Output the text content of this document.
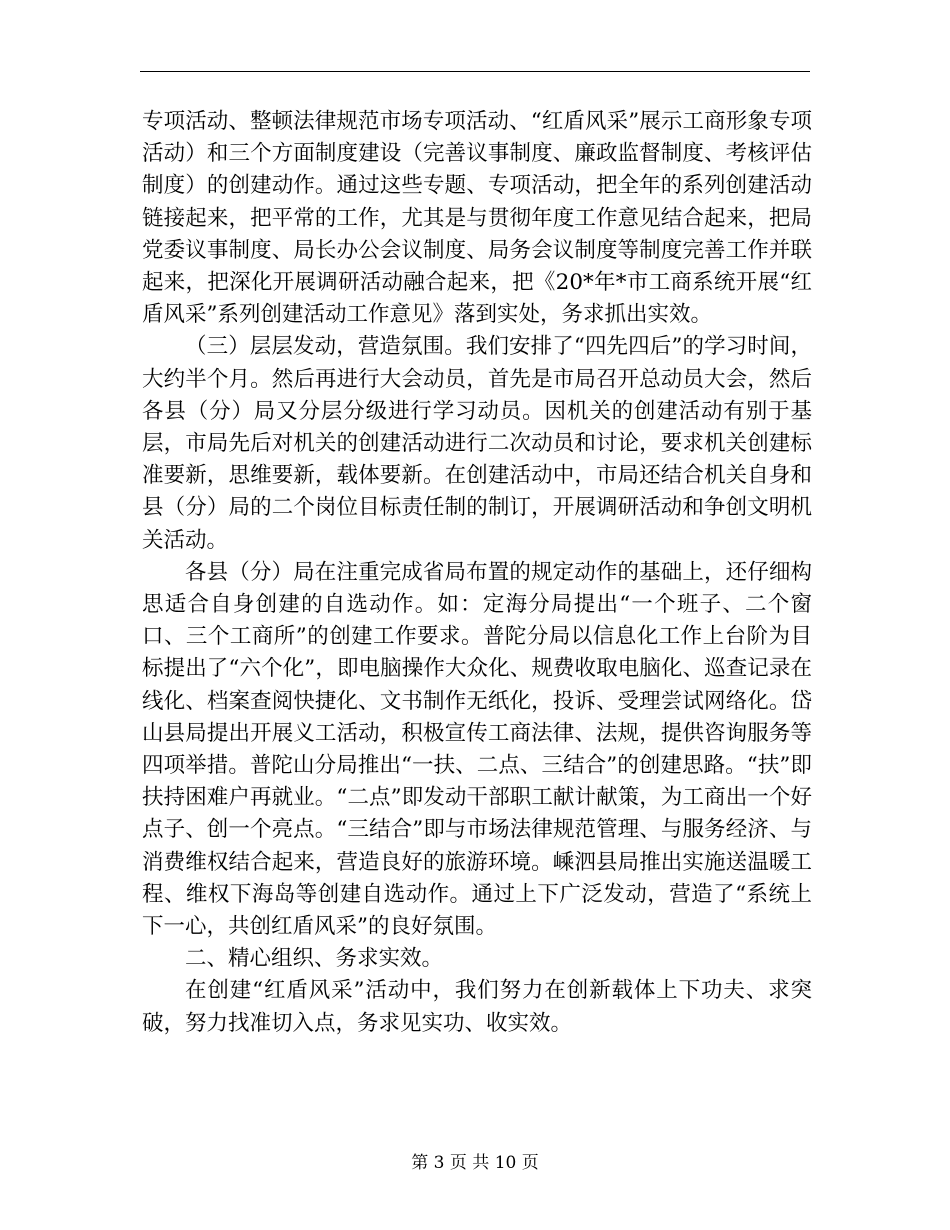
专项活动、整顿法律规范市场专项活动、“红盾风采”展示工商形象专项活动）和三个方面制度建设（完善议事制度、廉政监督制度、考核评估制度）的创建动作。通过这些专题、专项活动，把全年的系列创建活动链接起来，把平常的工作，尤其是与贯彻年度工作意见结合起来，把局党委议事制度、局长办公会议制度、局务会议制度等制度完善工作并联起来，把深化开展调研活动融合起来，把《20*年*市工商系统开展“红盾风采”系列创建活动工作意见》落到实处，务求抓出实效。

（三）层层发动，营造氛围。我们安排了“四先四后”的学习时间，大约半个月。然后再进行大会动员，首先是市局召开总动员大会，然后各县（分）局又分层分级进行学习动员。因机关的创建活动有别于基层，市局先后对机关的创建活动进行二次动员和讨论，要求机关创建标准要新，思维要新，载体要新。在创建活动中，市局还结合机关自身和县（分）局的二个岗位目标责任制的制订，开展调研活动和争创文明机关活动。

各县（分）局在注重完成省局布置的规定动作的基础上，还仔细构思适合自身创建的自选动作。如：定海分局提出“一个班子、二个窗口、三个工商所”的创建工作要求。普陀分局以信息化工作上台阶为目标提出了“六个化”，即电脑操作大众化、规费收取电脑化、巡查记录在线化、档案查阅快捷化、文书制作无纸化，投诉、受理尝试网络化。岱山县局提出开展义工活动，积极宣传工商法律、法规，提供咨询服务等四项举措。普陀山分局推出“一扶、二点、三结合”的创建思路。“扶”即扶持困难户再就业。“二点”即发动干部职工献计献策，为工商出一个好点子、创一个亮点。“三结合”即与市场法律规范管理、与服务经济、与消费维权结合起来，营造良好的旅游环境。嵊泗县局推出实施送温暖工程、维权下海岛等创建自选动作。通过上下广泛发动，营造了“系统上下一心，共创红盾风采”的良好氛围。

二、精心组织、务求实效。

在创建“红盾风采”活动中，我们努力在创新载体上下功夫、求突破，努力找准切入点，务求见实功、收实效。

第 3 页 共 10 页
